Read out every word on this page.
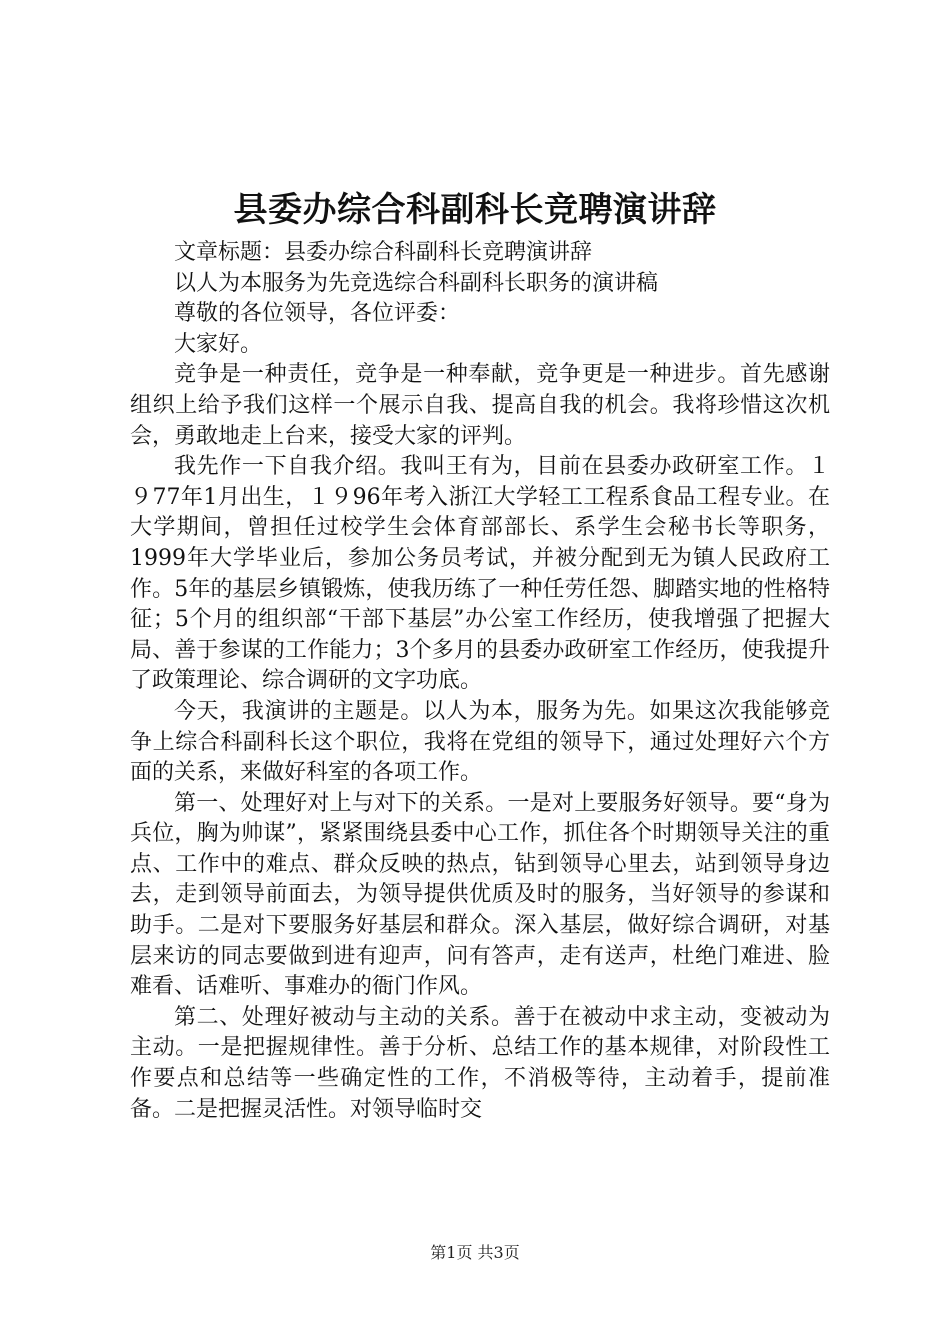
县委办综合科副科长竞聘演讲辞

文章标题：县委办综合科副科长竞聘演讲辞

以人为本服务为先竞选综合科副科长职务的演讲稿

尊敬的各位领导，各位评委：

大家好。

竞争是一种责任，竞争是一种奉献，竞争更是一种进步。首先感谢组织上给予我们这样一个展示自我、提高自我的机会。我将珍惜这次机会，勇敢地走上台来，接受大家的评判。

我先作一下自我介绍。我叫王有为，目前在县委办政研室工作。１９77年1月出生，１９96年考入浙江大学轻工工程系食品工程专业。在大学期间，曾担任过校学生会体育部部长、系学生会秘书长等职务，1999年大学毕业后，参加公务员考试，并被分配到无为镇人民政府工作。5年的基层乡镇锻炼，使我历练了一种任劳任怨、脚踏实地的性格特征；5个月的组织部“干部下基层”办公室工作经历，使我增强了把握大局、善于参谋的工作能力；3个多月的县委办政研室工作经历，使我提升了政策理论、综合调研的文字功底。

今天，我演讲的主题是。以人为本，服务为先。如果这次我能够竞争上综合科副科长这个职位，我将在党组的领导下，通过处理好六个方面的关系，来做好科室的各项工作。

第一、处理好对上与对下的关系。一是对上要服务好领导。要“身为兵位，胸为帅谋”，紧紧围绕县委中心工作，抓住各个时期领导关注的重点、工作中的难点、群众反映的热点，钻到领导心里去，站到领导身边去，走到领导前面去，为领导提供优质及时的服务，当好领导的参谋和助手。二是对下要服务好基层和群众。深入基层，做好综合调研，对基层来访的同志要做到进有迎声，问有答声，走有送声，杜绝门难进、脸难看、话难听、事难办的衙门作风。

第二、处理好被动与主动的关系。善于在被动中求主动，变被动为主动。一是把握规律性。善于分析、总结工作的基本规律，对阶段性工作要点和总结等一些确定性的工作，不消极等待，主动着手，提前准备。二是把握灵活性。对领导临时交

第1页 共3页
